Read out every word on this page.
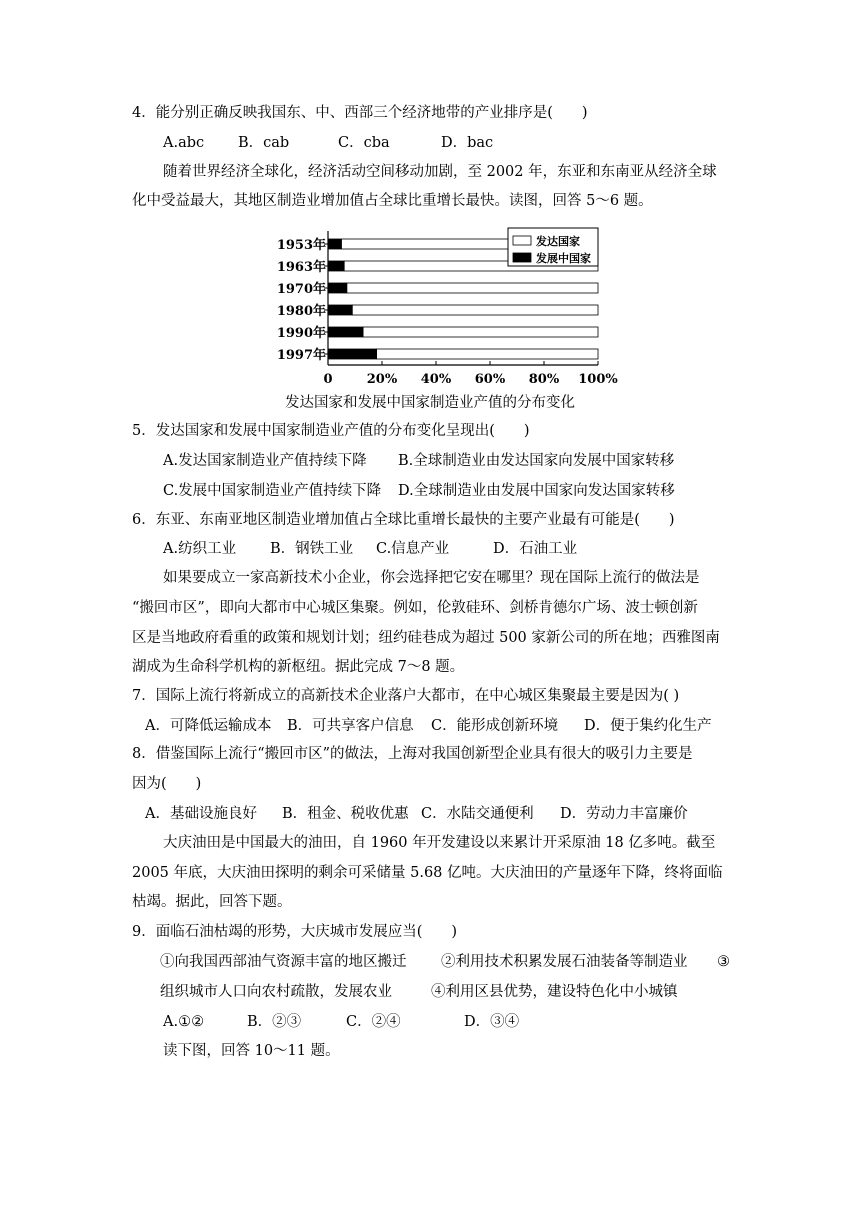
4．能分别正确反映我国东、中、西部三个经济地带的产业排序是(　　)
A.abc B．cab	C．cba	D．bac
随着世界经济全球化，经济活动空间移动加剧，至 2002 年，东亚和东南亚从经济全球
化中受益最大，其地区制造业增加值占全球比重增长最快。读图，回答 5～6 题。
1953年
1963年
1970年
1980年
1990年
1997年
0	20% 40% 60% 80% 100%
发达国家
发展中国家
发达国家和发展中国家制造业产值的分布变化
5．发达国家和发展中国家制造业产值的分布变化呈现出(　　)
A.发达国家制造业产值持续下降 B.全球制造业由发达国家向发展中国家转移
C.发展中国家制造业产值持续下降 D.全球制造业由发展中国家向发达国家转移
6．东亚、东南亚地区制造业增加值占全球比重增长最快的主要产业最有可能是(　　)
A.纺织工业 B．钢铁工业 C.信息产业	D．石油工业
如果要成立一家高新技术小企业，你会选择把它安在哪里？现在国际上流行的做法是
“搬回市区”，即向大都市中心城区集聚。例如，伦敦硅环、剑桥肯德尔广场、波士顿创新
区是当地政府看重的政策和规划计划；纽约硅巷成为超过 500 家新公司的所在地；西雅图南
湖成为生命科学机构的新枢纽。据此完成 7～8 题。
7．国际上流行将新成立的高新技术企业落户大都市，在中心城区集聚最主要是因为( )
A．可降低运输成本 B．可共享客户信息 C．能形成创新环境 D．便于集约化生产
8．借鉴国际上流行“搬回市区”的做法，上海对我国创新型企业具有很大的吸引力主要是
因为(　　)
A．基础设施良好 B．租金、税收优惠 C．水陆交通便利 D．劳动力丰富廉价
大庆油田是中国最大的油田，自 1960 年开发建设以来累计开采原油 18 亿多吨。截至
2005 年底，大庆油田探明的剩余可采储量 5.68 亿吨。大庆油田的产量逐年下降，终将面临
枯竭。据此，回答下题。
9．面临石油枯竭的形势，大庆城市发展应当(　　)
①向我国西部油气资源丰富的地区搬迁 ②利用技术积累发展石油装备等制造业 ③
组织城市人口向农村疏散，发展农业	④利用区县优势，建设特色化中小城镇
A.①②	B．②③	C．②④	D．③④
读下图，回答 10～11 题。
